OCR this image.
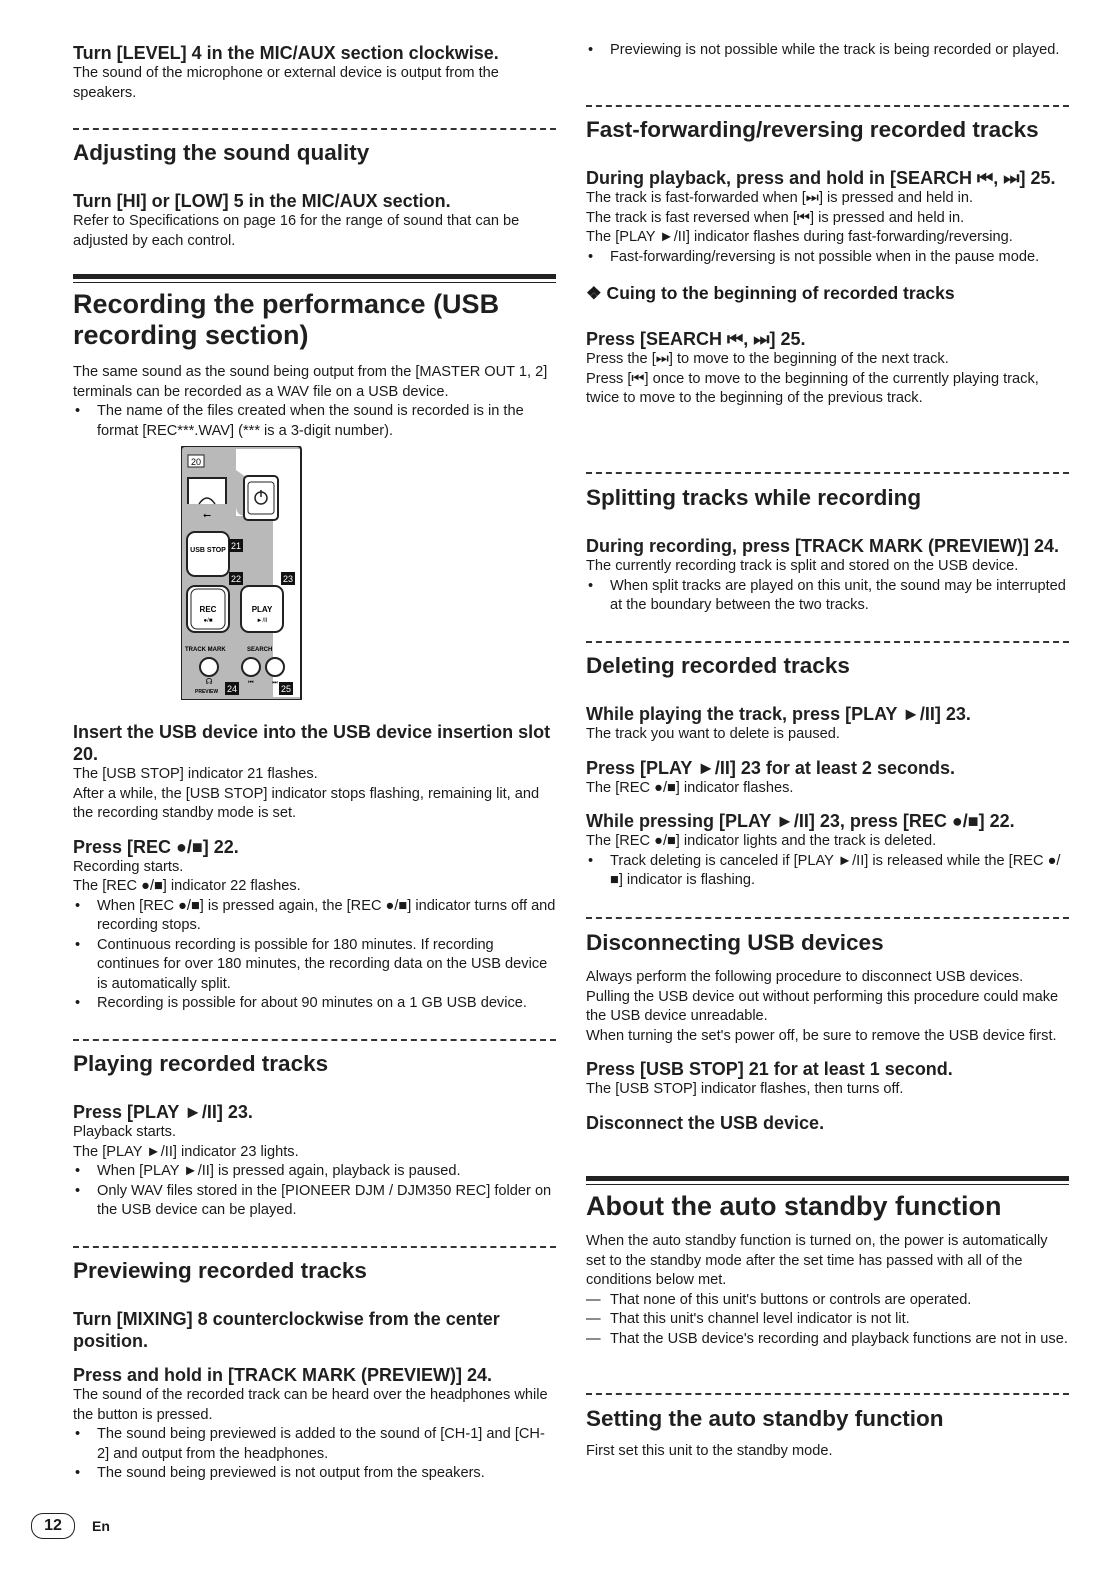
Turn [LEVEL] 4 in the MIC/AUX section clockwise.

The sound of the microphone or external device is output from the speakers.

Adjusting the sound quality
Turn [HI] or [LOW] 5 in the MIC/AUX section.

Refer to Specifications on page 16 for the range of sound that can be adjusted by each control.

Recording the performance (USB recording section)

The same sound as the sound being output from the [MASTER OUT 1, 2] terminals can be recorded as a WAV file on a USB device.

• The name of the files created when the sound is recorded is in the format [REC***.WAV] (*** is a 3-digit number).
Insert the USB device into the USB device insertion slot 20.

The [USB STOP] indicator 21 flashes.

After a while, the [USB STOP] indicator stops flashing, remaining lit, and the recording standby mode is set.

Press [REC ●/■] 22.

Recording starts.

The [REC ●/■] indicator 22 flashes.

• When [REC ●/■] is pressed again, the [REC ●/■] indicator turns off and recording stops.
• Continuous recording is possible for 180 minutes. If recording continues for over 180 minutes, the recording data on the USB device is automatically split.
• Recording is possible for about 90 minutes on a 1 GB USB device.
Playing recorded tracks
Press [PLAY ►/II] 23.

Playback starts.

The [PLAY ►/II] indicator 23 lights.

• When [PLAY ►/II] is pressed again, playback is paused.
• Only WAV files stored in the [PIONEER DJM / DJM350 REC] folder on the USB device can be played.
Previewing recorded tracks
Turn [MIXING] 8 counterclockwise from the center position.
Press and hold in [TRACK MARK (PREVIEW)] 24.

The sound of the recorded track can be heard over the headphones while the button is pressed.

• The sound being previewed is added to the sound of [CH-1] and [CH-2] and output from the headphones.
• The sound being previewed is not output from the speakers.
20
⭠
USB STOP 21
22	23
REC
●/■
PLAY
►/II
TRACK MARK	SEARCH
☊	⏮	⏭
PREVIEW 24	25
• Previewing is not possible while the track is being recorded or played.
Fast-forwarding/reversing recorded tracks
During playback, press and hold in [SEARCH ⏮, ⏭] 25.

The track is fast-forwarded when [⏭] is pressed and held in.

The track is fast reversed when [⏮] is pressed and held in.

The [PLAY ►/II] indicator flashes during fast-forwarding/reversing.

• Fast-forwarding/reversing is not possible when in the pause mode.
❖ Cuing to the beginning of recorded tracks
Press [SEARCH ⏮, ⏭] 25.

Press the [⏭] to move to the beginning of the next track.

Press [⏮] once to move to the beginning of the currently playing track, twice to move to the beginning of the previous track.

Splitting tracks while recording
During recording, press [TRACK MARK (PREVIEW)] 24.

The currently recording track is split and stored on the USB device.

• When split tracks are played on this unit, the sound may be interrupted at the boundary between the two tracks.
Deleting recorded tracks
While playing the track, press [PLAY ►/II] 23.

The track you want to delete is paused.

Press [PLAY ►/II] 23 for at least 2 seconds.

The [REC ●/■] indicator flashes.

While pressing [PLAY ►/II] 23, press [REC ●/■] 22.

The [REC ●/■] indicator lights and the track is deleted.

• Track deleting is canceled if [PLAY ►/II] is released while the [REC ●/■] indicator is flashing.
Disconnecting USB devices

Always perform the following procedure to disconnect USB devices. Pulling the USB device out without performing this procedure could make the USB device unreadable.

When turning the set's power off, be sure to remove the USB device first.

Press [USB STOP] 21 for at least 1 second.

The [USB STOP] indicator flashes, then turns off.

Disconnect the USB device.
About the auto standby function

When the auto standby function is turned on, the power is automatically set to the standby mode after the set time has passed with all of the conditions below met.

— That none of this unit's buttons or controls are operated.
— That this unit's channel level indicator is not lit.
— That the USB device's recording and playback functions are not in use.
Setting the auto standby function

First set this unit to the standby mode.

12	En
